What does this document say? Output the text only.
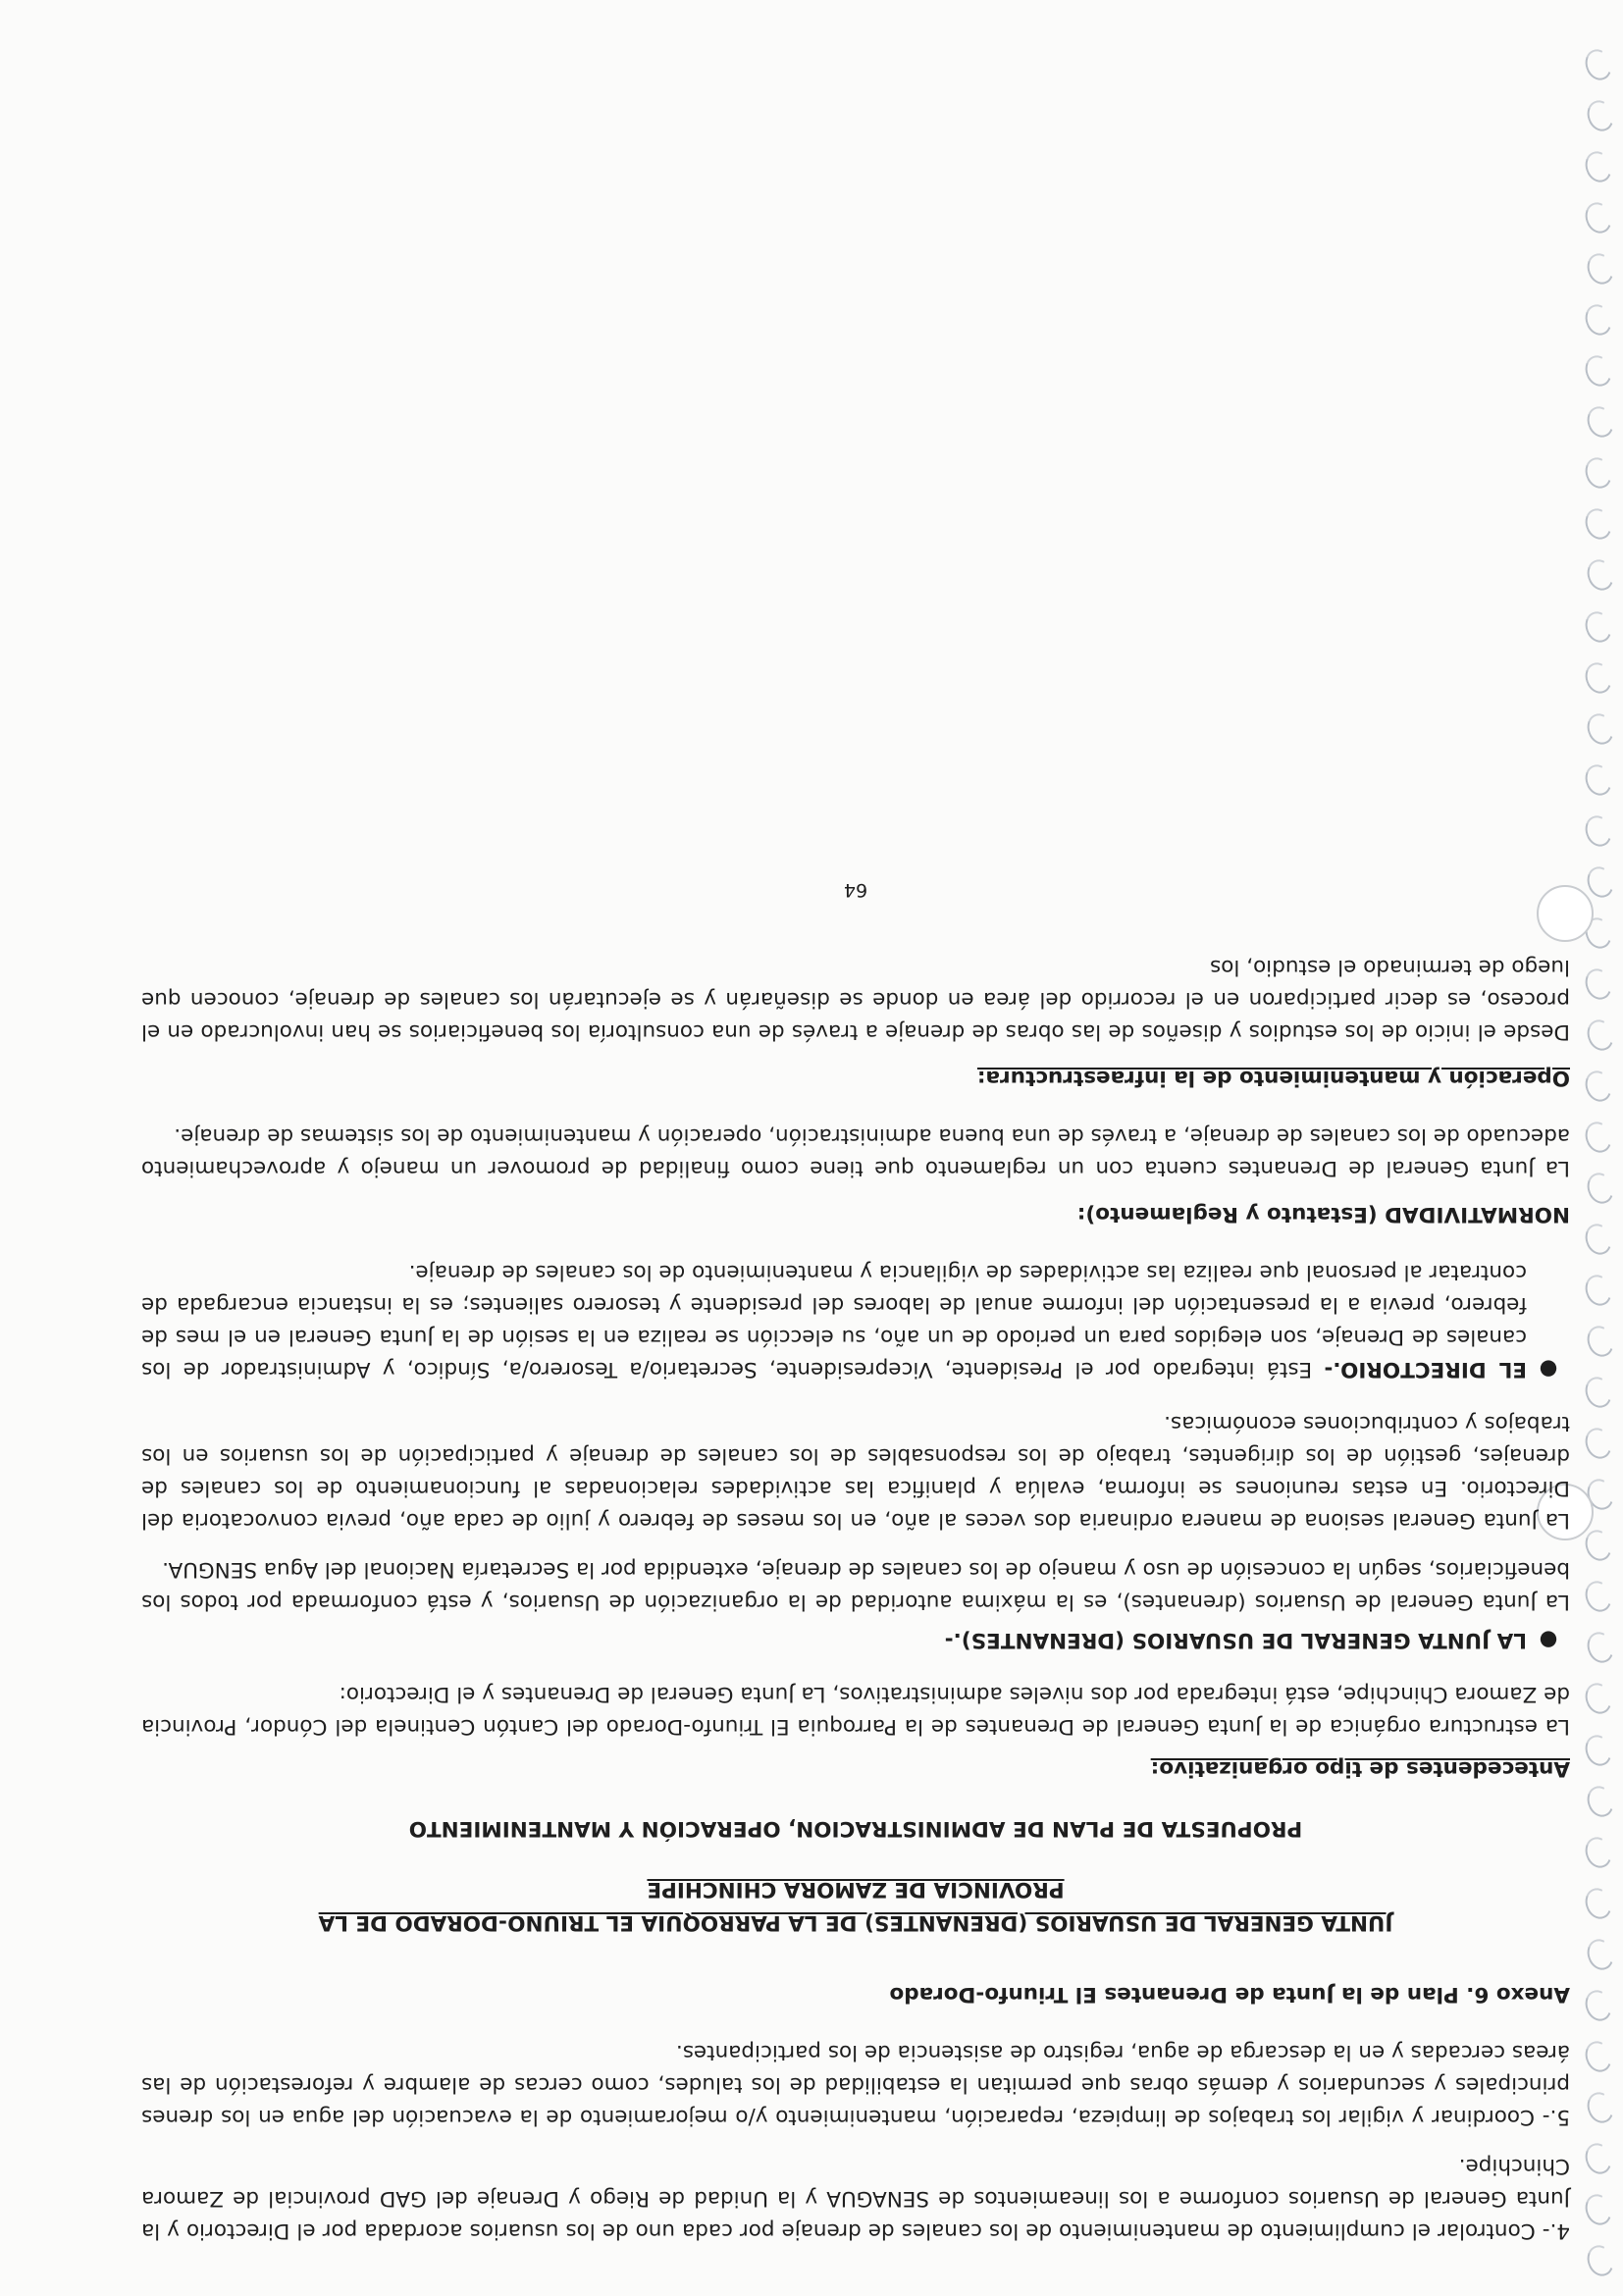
4.- Controlar el cumplimiento de mantenimiento de los canales de drenaje por cada uno de los usuarios acordada por el Directorio y la Junta General de Usuarios conforme a los lineamientos de SENAGUA y la Unidad de Riego y Drenaje del GAD provincial de Zamora Chinchipe.

5.- Coordinar y vigilar los trabajos de limpieza, reparación, mantenimiento y/o mejoramiento de la evacuación del agua en los drenes principales y secundarios y demás obras que permitan la estabilidad de los taludes, como cercas de alambre y reforestación de las áreas cercadas y en la descarga de agua, registro de asistencia de los participantes.

Anexo 6. Plan de la Junta de Drenantes El Triunfo-Dorado

JUNTA GENERAL DE USUARIOS (DRENANTES) DE LA PARROQUIA EL TRIUNO-DORADO DE LA
PROVINCIA DE ZAMORA CHINCHIPE

PROPUESTA DE PLAN DE ADMINISTRACION, OPERACIÓN Y MANTENIMIENTO

Antecedentes de tipo organizativo:

La estructura orgánica de la Junta General de Drenantes de la Parroquia El Triunfo-Dorado del Cantón Centinela del Cóndor, Provincia de Zamora Chinchipe, está integrada por dos niveles administrativos, La Junta General de Drenantes y el Directorio:

●
LA JUNTA GENERAL DE USUARIOS (DRENANTES).-

La Junta General de Usuarios (drenantes), es la máxima autoridad de la organización de Usuarios, y está conformada por todos los beneficiarios, según la concesión de uso y manejo de los canales de drenaje, extendida por la Secretaría Nacional del Agua SENGUA.

La Junta General sesiona de manera ordinaria dos veces al año, en los meses de febrero y julio de cada año, previa convocatoria del Directorio. En estas reuniones se informa, evalúa y planifica las actividades relacionadas al funcionamiento de los canales de drenajes, gestión de los dirigentes, trabajo de los responsables de los canales de drenaje y participación de los usuarios en los trabajos y contribuciones económicas.

●
EL DIRECTORIO.- Está integrado por el Presidente, Vicepresidente, Secretario/a Tesorero/a, Síndico, y Administrador de los canales de Drenaje, son elegidos para un periodo de un año, su elección se realiza en la sesión de la Junta General en el mes de febrero, previa a la presentación del informe anual de labores del presidente y tesorero salientes; es la instancia encargada de contratar al personal que realiza las actividades de vigilancia y mantenimiento de los canales de drenaje.

NORMATIVIDAD (Estatuto y Reglamento):

La Junta General de Drenantes cuenta con un reglamento que tiene como finalidad de promover un manejo y aprovechamiento adecuado de los canales de drenaje, a través de una buena administración, operación y mantenimiento de los sistemas de drenaje.

Operación y mantenimiento de la infraestructura:

Desde el inicio de los estudios y diseños de las obras de drenaje a través de una consultoría los beneficiarios se han involucrado en el proceso, es decir participaron en el recorrido del área en donde se diseñarán y se ejecutarán los canales de drenaje, conocen que luego de terminado el estudio, los

64
